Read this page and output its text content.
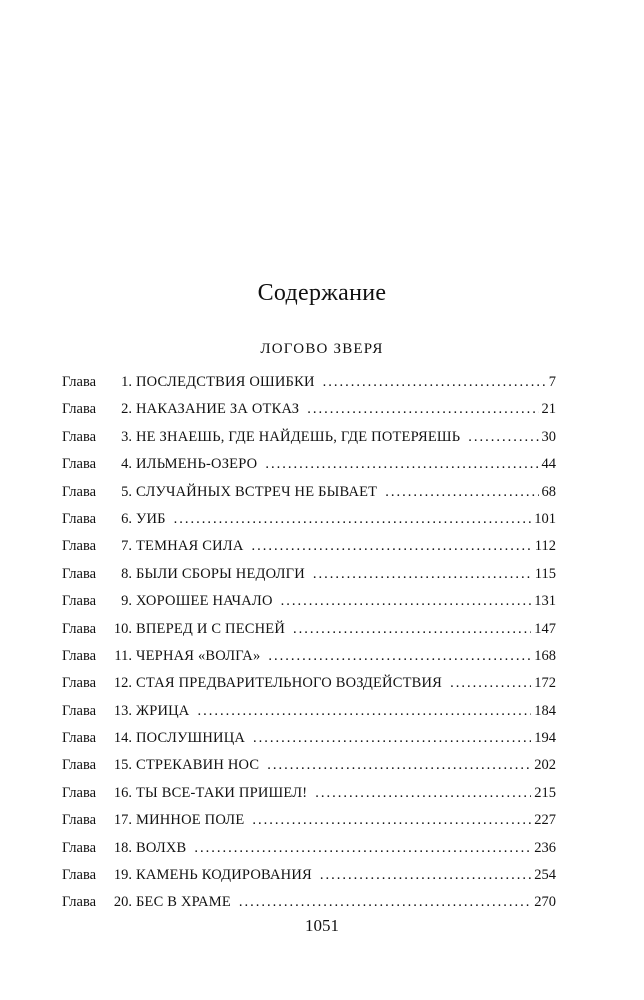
Содержание
ЛОГОВО ЗВЕРЯ
Глава	1. ПОСЛЕДСТВИЯ ОШИБКИ .....	7
Глава	2. НАКАЗАНИЕ ЗА ОТКАЗ .....	21
Глава	3. НЕ ЗНАЕШЬ, ГДЕ НАЙДЕШЬ, ГДЕ ПОТЕРЯЕШЬ .....	30
Глава	4. ИЛЬМЕНЬ-ОЗЕРО .....	44
Глава	5. СЛУЧАЙНЫХ ВСТРЕЧ НЕ БЫВАЕТ .....	68
Глава	6. УИБ .....	101
Глава	7. ТЕМНАЯ СИЛА .....	112
Глава	8. БЫЛИ СБОРЫ НЕДОЛГИ .....	115
Глава	9. ХОРОШЕЕ НАЧАЛО .....	131
Глава	10. ВПЕРЕД И С ПЕСНЕЙ .....	147
Глава	11. ЧЕРНАЯ «ВОЛГА» .....	168
Глава	12. СТАЯ ПРЕДВАРИТЕЛЬНОГО ВОЗДЕЙСТВИЯ .....	172
Глава	13. ЖРИЦА .....	184
Глава	14. ПОСЛУШНИЦА .....	194
Глава	15. СТРЕКАВИН НОС .....	202
Глава	16. ТЫ ВСЕ-ТАКИ ПРИШЕЛ! .....	215
Глава	17. МИННОЕ ПОЛЕ .....	227
Глава	18. ВОЛХВ .....	236
Глава	19. КАМЕНЬ КОДИРОВАНИЯ .....	254
Глава	20. БЕС В ХРАМЕ .....	270
1051
